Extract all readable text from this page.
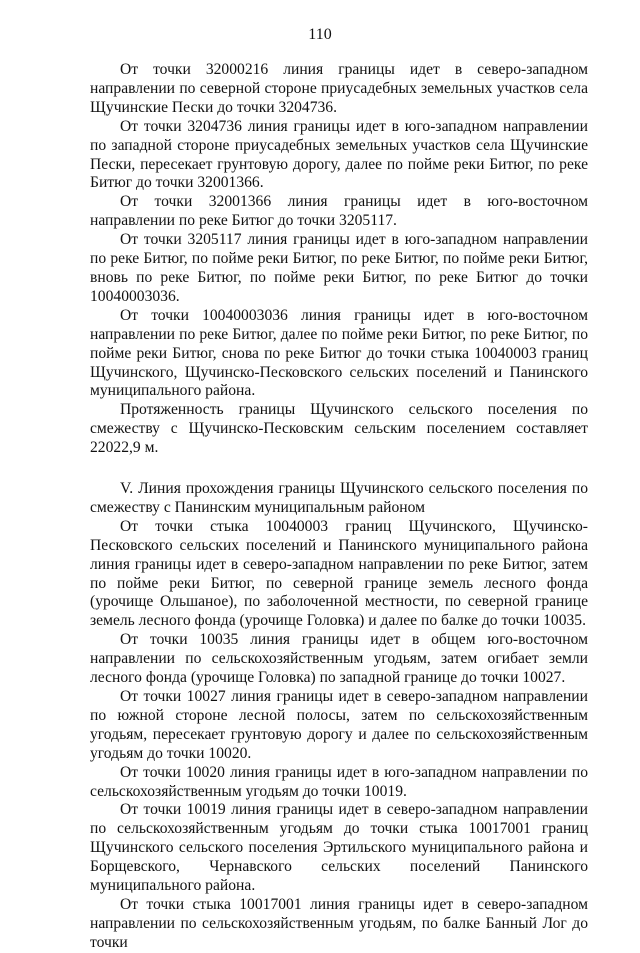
110

От точки 32000216 линия границы идет в северо-западном направлении по северной стороне приусадебных земельных участков села Щучинские Пески до точки 3204736.

От точки 3204736 линия границы идет в юго-западном направлении по западной стороне приусадебных земельных участков села Щучинские Пески, пересекает грунтовую дорогу, далее по пойме реки Битюг, по реке Битюг до точки 32001366.

От точки 32001366 линия границы идет в юго-восточном направлении по реке Битюг до точки 3205117.

От точки 3205117 линия границы идет в юго-западном направлении по реке Битюг, по пойме реки Битюг, по реке Битюг, по пойме реки Битюг, вновь по реке Битюг, по пойме реки Битюг, по реке Битюг до точки 10040003036.

От точки 10040003036 линия границы идет в юго-восточном направлении по реке Битюг, далее по пойме реки Битюг, по реке Битюг, по пойме реки Битюг, снова по реке Битюг до точки стыка 10040003 границ Щучинского, Щучинско-Песковского сельских поселений и Панинского муниципального района.

Протяженность границы Щучинского сельского поселения по смежеству с Щучинско-Песковским сельским поселением составляет 22022,9 м.

V. Линия прохождения границы Щучинского сельского поселения по смежеству с Панинским муниципальным районом

От точки стыка 10040003 границ Щучинского, Щучинско-Песковского сельских поселений и Панинского муниципального района линия границы идет в северо-западном направлении по реке Битюг, затем по пойме реки Битюг, по северной границе земель лесного фонда (урочище Ольшаное), по заболоченной местности, по северной границе земель лесного фонда (урочище Головка) и далее по балке до точки 10035.

От точки 10035 линия границы идет в общем юго-восточном направлении по сельскохозяйственным угодьям, затем огибает земли лесного фонда (урочище Головка) по западной границе до точки 10027.

От точки 10027 линия границы идет в северо-западном направлении по южной стороне лесной полосы, затем по сельскохозяйственным угодьям, пересекает грунтовую дорогу и далее по сельскохозяйственным угодьям до точки 10020.

От точки 10020 линия границы идет в юго-западном направлении по сельскохозяйственным угодьям до точки 10019.

От точки 10019 линия границы идет в северо-западном направлении по сельскохозяйственным угодьям до точки стыка 10017001 границ Щучинского сельского поселения Эртильского муниципального района и Борщевского, Чернавского сельских поселений Панинского муниципального района.

От точки стыка 10017001 линия границы идет в северо-западном направлении по сельскохозяйственным угодьям, по балке Банный Лог до точки
